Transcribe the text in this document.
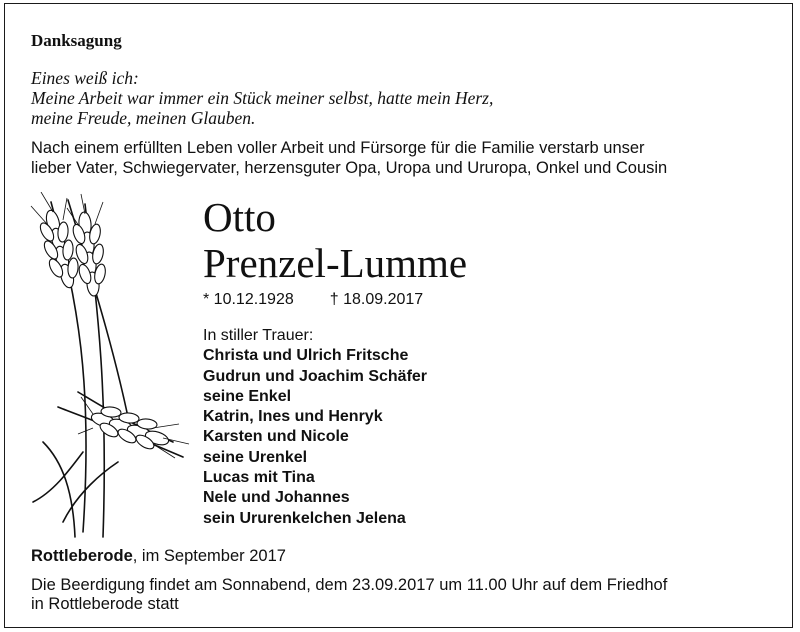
Danksagung
Eines weiß ich:
Meine Arbeit war immer ein Stück meiner selbst, hatte mein Herz,
meine Freude, meinen Glauben.
Nach einem erfüllten Leben voller Arbeit und Fürsorge für die Familie verstarb unser
lieber Vater, Schwiegervater, herzensguter Opa, Uropa und Ururopa, Onkel und Cousin
Otto
Prenzel-Lumme
* 10.12.1928 † 18.09.2017
In stiller Trauer:
Christa und Ulrich Fritsche
Gudrun und Joachim Schäfer
seine Enkel
Katrin, Ines und Henryk
Karsten und Nicole
seine Urenkel
Lucas mit Tina
Nele und Johannes
sein Ururenkelchen Jelena
Rottleberode, im September 2017
Die Beerdigung findet am Sonnabend, dem 23.09.2017 um 11.00 Uhr auf dem Friedhof
in Rottleberode statt
